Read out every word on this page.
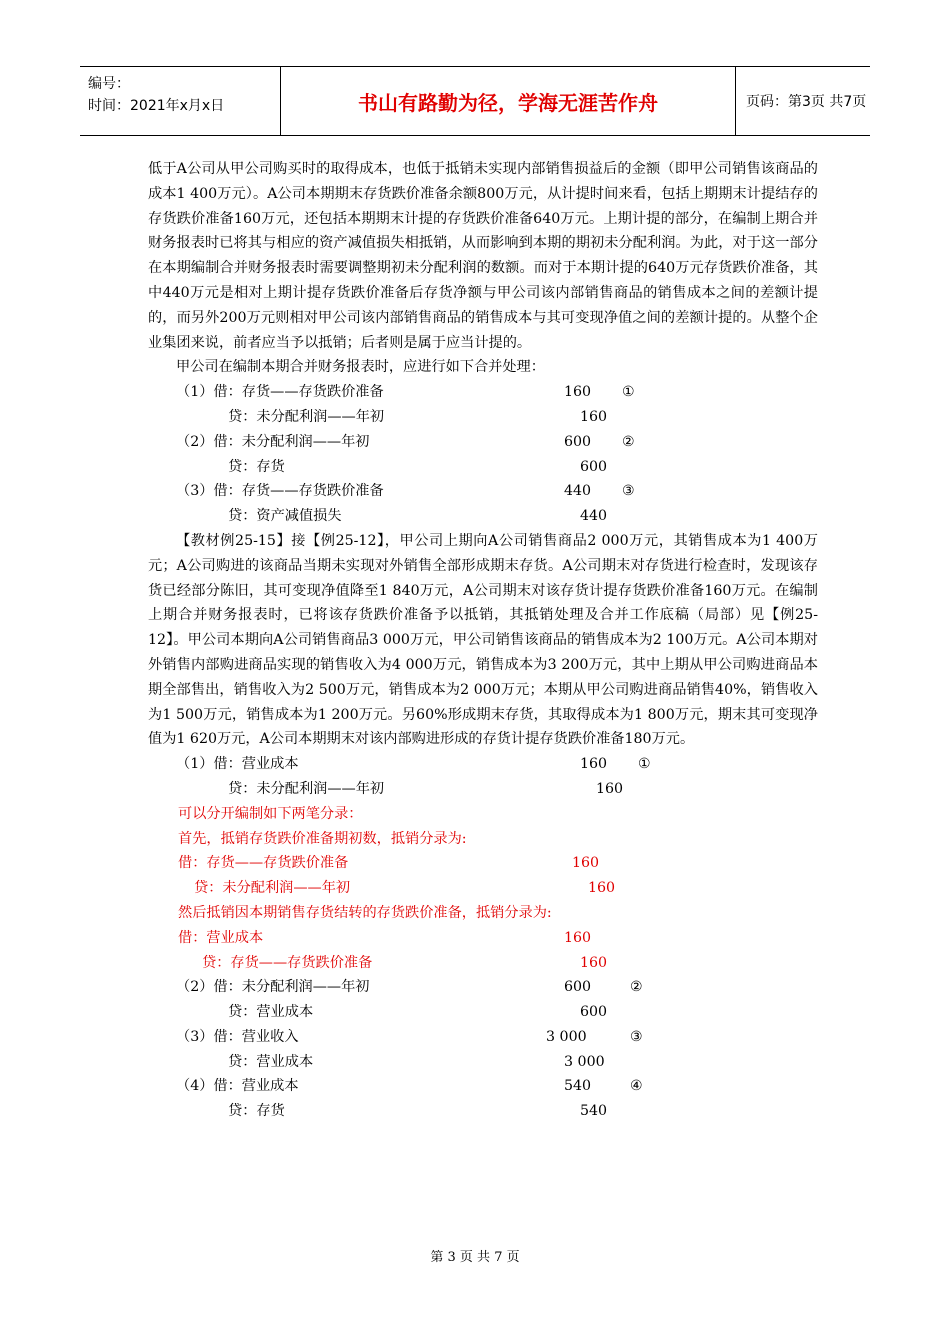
编号：
时间：2021年x月x日	书山有路勤为径，学海无涯苦作舟	页码：第3页 共7页
低于A公司从甲公司购买时的取得成本，也低于抵销未实现内部销售损益后的金额（即甲公司销售该商品的成本1 400万元）。A公司本期期末存货跌价准备余额800万元，从计提时间来看，包括上期期末计提结存的存货跌价准备160万元，还包括本期期末计提的存货跌价准备640万元。上期计提的部分，在编制上期合并财务报表时已将其与相应的资产减值损失相抵销，从而影响到本期的期初未分配利润。为此，对于这一部分在本期编制合并财务报表时需要调整期初未分配利润的数额。而对于本期计提的640万元存货跌价准备，其中440万元是相对上期计提存货跌价准备后存货净额与甲公司该内部销售商品的销售成本之间的差额计提的，而另外200万元则相对甲公司该内部销售商品的销售成本与其可变现净值之间的差额计提的。从整个企业集团来说，前者应当予以抵销；后者则是属于应当计提的。
甲公司在编制本期合并财务报表时，应进行如下合并处理：
（1）借：存货——存货跌价准备	160 ①
贷：未分配利润——年初	160
（2）借：未分配利润——年初	600 ②
贷：存货	600
（3）借：存货——存货跌价准备	440 ③
贷：资产减值损失	440
【教材例25-15】接【例25-12】，甲公司上期向A公司销售商品2 000万元，其销售成本为1 400万元；A公司购进的该商品当期未实现对外销售全部形成期末存货。A公司期末对存货进行检查时，发现该存货已经部分陈旧，其可变现净值降至1 840万元，A公司期末对该存货计提存货跌价准备160万元。在编制上期合并财务报表时，已将该存货跌价准备予以抵销，其抵销处理及合并工作底稿（局部）见【例25-12】。甲公司本期向A公司销售商品3 000万元，甲公司销售该商品的销售成本为2 100万元。A公司本期对外销售内部购进商品实现的销售收入为4 000万元，销售成本为3 200万元，其中上期从甲公司购进商品本期全部售出，销售收入为2 500万元，销售成本为2 000万元；本期从甲公司购进商品销售40%，销售收入为1 500万元，销售成本为1 200万元。另60%形成期末存货，其取得成本为1 800万元，期末其可变现净值为1 620万元，A公司本期期末对该内部购进形成的存货计提存货跌价准备180万元。
（1）借：营业成本	160 ①
贷：未分配利润——年初	160
可以分开编制如下两笔分录：
首先，抵销存货跌价准备期初数，抵销分录为:
借：存货——存货跌价准备	160
贷：未分配利润——年初	160
然后抵销因本期销售存货结转的存货跌价准备，抵销分录为:
借：营业成本	160
贷：存货——存货跌价准备	160
（2）借：未分配利润——年初	600	②
贷：营业成本	600
（3）借：营业收入	3 000	③
贷：营业成本	3 000
（4）借：营业成本	540	④
贷：存货	540
第 3 页 共 7 页
